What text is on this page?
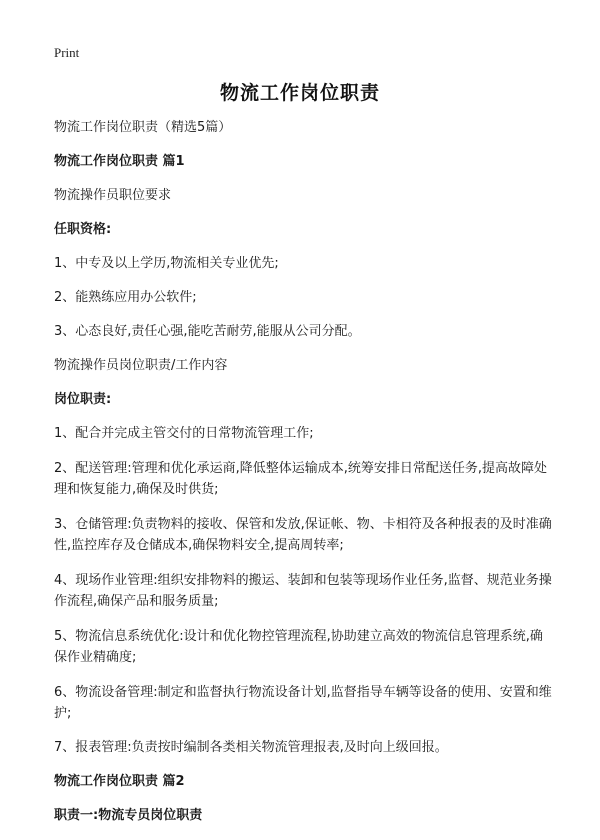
Print
物流工作岗位职责

物流工作岗位职责（精选5篇）

物流工作岗位职责 篇1

物流操作员职位要求

任职资格:

1、中专及以上学历,物流相关专业优先;

2、能熟练应用办公软件;

3、心态良好,责任心强,能吃苦耐劳,能服从公司分配。

物流操作员岗位职责/工作内容

岗位职责:

1、配合并完成主管交付的日常物流管理工作;

2、配送管理:管理和优化承运商,降低整体运输成本,统筹安排日常配送任务,提高故障处理和恢复能力,确保及时供货;

3、仓储管理:负责物料的接收、保管和发放,保证帐、物、卡相符及各种报表的及时准确性,监控库存及仓储成本,确保物料安全,提高周转率;

4、现场作业管理:组织安排物料的搬运、装卸和包装等现场作业任务,监督、规范业务操作流程,确保产品和服务质量;

5、物流信息系统优化:设计和优化物控管理流程,协助建立高效的物流信息管理系统,确保作业精确度;

6、物流设备管理:制定和监督执行物流设备计划,监督指导车辆等设备的使用、安置和维护;

7、报表管理:负责按时编制各类相关物流管理报表,及时向上级回报。

物流工作岗位职责 篇2

职责一:物流专员岗位职责
